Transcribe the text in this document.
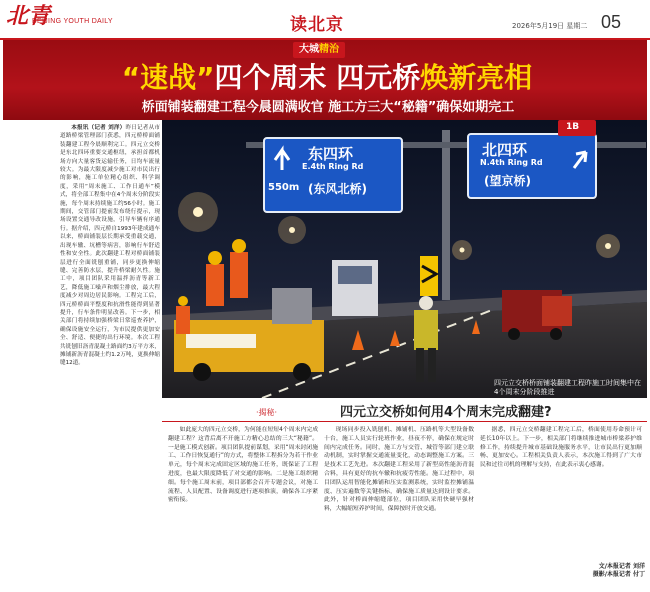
北青
BEIJING YOUTH DAILY	读北京	2026年5月19日 星期二 05
大城精治
“速战”四个周末 四元桥焕新亮相
桥面铺装翻建工程今晨圆满收官 施工方三大“秘籍”确保如期完工
东四环
E.4th Ring Rd
550m (东风北桥)
北四环
N.4th Ring Rd
(望京桥)
1B
四元立交桥桥面铺装翻建工程昨施工时间集中在4个周末分阶段推进

本报讯（记者 刘洋）昨日记者从市道路桥梁管理部门获悉，四元桥桥面铺装翻建工程今晨顺利完工。四元立交桥是东北四环重要交通枢纽，承担首都机场方向大量客货运输任务，日均车流量较大。为最大限度减少施工对市民出行的影响，施工单位精心组织、科学调度，采用“周末施工、工作日通车”模式，将全部工程集中在4个周末分阶段实施，每个周末持续施工约56小时。施工期间，交管部门提前发布绕行提示，现场设置交通导改设施，引导车辆有序通行。据介绍，四元桥自1993年建成通车以来，桥面铺装层长期承受重载交通，出现车辙、坑槽等病害，影响行车舒适性和安全性。此次翻建工程对桥面铺装层进行全面铣刨重铺，同步更换伸缩缝、完善防水层，提升桥梁耐久性。施工中，项目团队采用温拌沥青等新工艺，降低施工噪声和烟尘排放，最大程度减少对周边居民影响。工程完工后，四元桥桥面平整度和抗滑性能得到显著提升，行车条件明显改善。下一步，相关部门将持续加强桥梁日常巡查养护，确保设施安全运行，为市民提供更加安全、舒适、便捷的出行环境。本次工程共铣刨旧沥青混凝土路面约3万平方米，摊铺新沥青混凝土约1.2万吨，更换伸缩缝12道。

·揭秘·	四元立交桥如何用4个周末完成翻建?

如此庞大的四元立交桥，为何能在短短4个周末内完成翻建工程？这背后离不开施工方精心总结的三大“秘籍”。一是施工模式创新。项目团队提前谋划，采用“周末封闭施工、工作日恢复通行”的方式，将整体工程拆分为若干作业单元，每个周末完成固定区域的施工任务，既保证了工程进度，也最大限度降低了对交通的影响。二是施工组织精细。每个施工周末前，项目部都会召开专题会议，对施工流程、人员配置、设备调度进行逐项推演，确保各工序紧密衔接。

现场同步投入铣刨机、摊铺机、压路机等大型设备数十台，施工人员实行轮班作业，昼夜不停，确保在规定时间内完成任务。同时，施工方与交管、城管等部门建立联动机制，实时掌握交通流量变化，动态调整施工方案。三是技术工艺先进。本次翻建工程采用了新型高性能沥青混合料，具有更好的抗车辙和抗疲劳性能。施工过程中，项目团队运用智能化摊铺和压实监测系统，实时监控摊铺温度、压实遍数等关键指标，确保施工质量达到设计要求。此外，针对桥面伸缩缝部位，项目团队采用快硬早强材料，大幅缩短养护时间，保障按时开放交通。

据悉，四元立交桥翻建工程完工后，桥面使用寿命预计可延长10年以上。下一步，相关部门将继续推进城市桥梁养护维修工作，持续提升城市基础设施服务水平，让市民出行更加顺畅、更加安心。工程相关负责人表示，本次施工得到了广大市民和过往司机的理解与支持，在此表示衷心感谢。

文/本报记者 刘洋
摄影/本报记者 付丁
